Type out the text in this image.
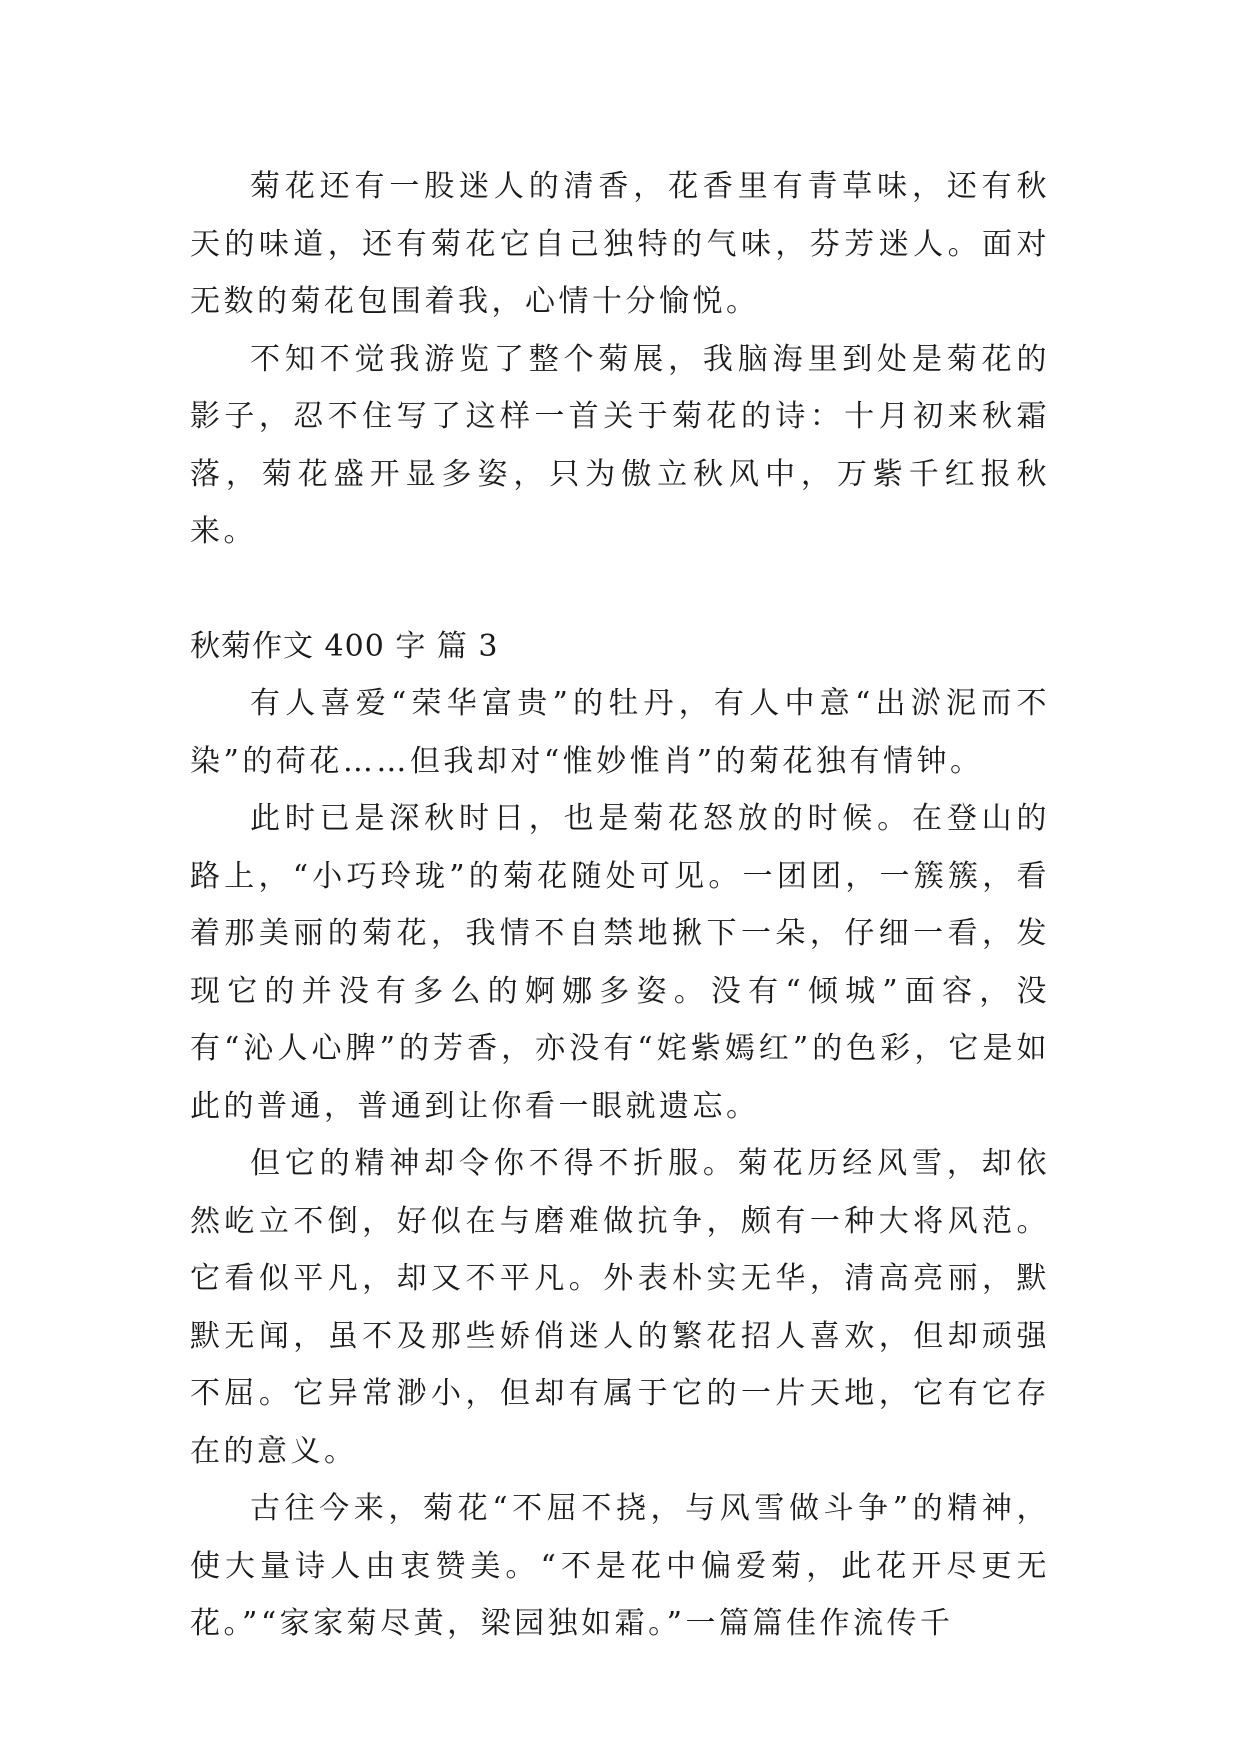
菊花还有一股迷人的清香，花香里有青草味，还有秋天的味道，还有菊花它自己独特的气味，芬芳迷人。面对无数的菊花包围着我，心情十分愉悦。

不知不觉我游览了整个菊展，我脑海里到处是菊花的影子，忍不住写了这样一首关于菊花的诗：十月初来秋霜落，菊花盛开显多姿，只为傲立秋风中，万紫千红报秋来。

秋菊作文 400 字 篇 3

有人喜爱“荣华富贵”的牡丹，有人中意“出淤泥而不染”的荷花……但我却对“惟妙惟肖”的菊花独有情钟。

此时已是深秋时日，也是菊花怒放的时候。在登山的路上，“小巧玲珑”的菊花随处可见。一团团，一簇簇，看着那美丽的菊花，我情不自禁地揪下一朵，仔细一看，发现它的并没有多么的婀娜多姿。没有“倾城”面容，没有“沁人心脾”的芳香，亦没有“姹紫嫣红”的色彩，它是如此的普通，普通到让你看一眼就遗忘。

但它的精神却令你不得不折服。菊花历经风雪，却依然屹立不倒，好似在与磨难做抗争，颇有一种大将风范。它看似平凡，却又不平凡。外表朴实无华，清高亮丽，默默无闻，虽不及那些娇俏迷人的繁花招人喜欢，但却顽强不屈。它异常渺小，但却有属于它的一片天地，它有它存在的意义。

古往今来，菊花“不屈不挠，与风雪做斗争”的精神，使大量诗人由衷赞美。“不是花中偏爱菊，此花开尽更无花。”“家家菊尽黄，梁园独如霜。”一篇篇佳作流传千
